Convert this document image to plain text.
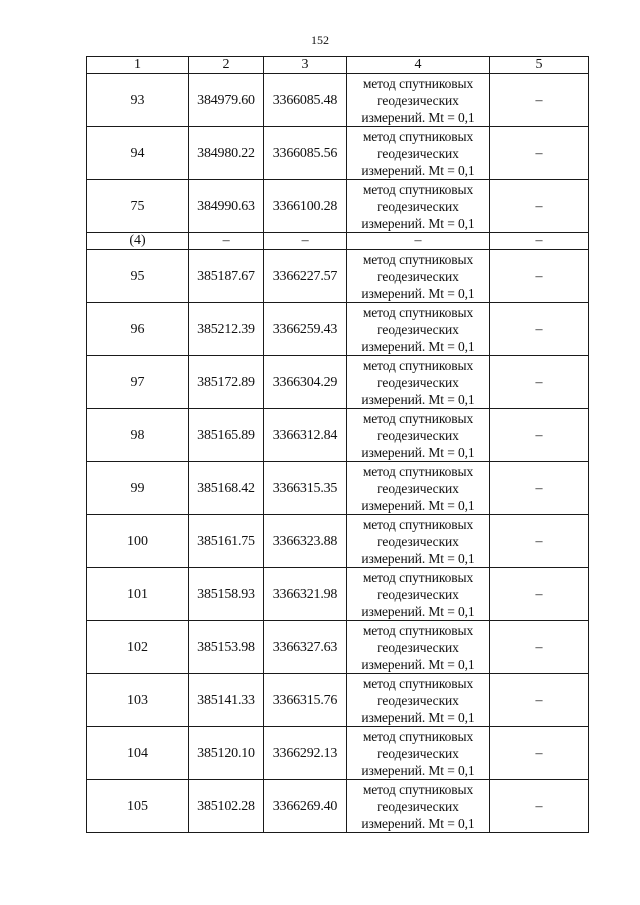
152
1	2	3	4	5
93	384979.60	3366085.48	метод спутниковых
геодезических
измерений. Mt = 0,1	–
94	384980.22	3366085.56	метод спутниковых
геодезических
измерений. Mt = 0,1	–
75	384990.63	3366100.28	метод спутниковых
геодезических
измерений. Mt = 0,1	–
(4)	–	–	–	–
95	385187.67	3366227.57	метод спутниковых
геодезических
измерений. Mt = 0,1	–
96	385212.39	3366259.43	метод спутниковых
геодезических
измерений. Mt = 0,1	–
97	385172.89	3366304.29	метод спутниковых
геодезических
измерений. Mt = 0,1	–
98	385165.89	3366312.84	метод спутниковых
геодезических
измерений. Mt = 0,1	–
99	385168.42	3366315.35	метод спутниковых
геодезических
измерений. Mt = 0,1	–
100	385161.75	3366323.88	метод спутниковых
геодезических
измерений. Mt = 0,1	–
101	385158.93	3366321.98	метод спутниковых
геодезических
измерений. Mt = 0,1	–
102	385153.98	3366327.63	метод спутниковых
геодезических
измерений. Mt = 0,1	–
103	385141.33	3366315.76	метод спутниковых
геодезических
измерений. Mt = 0,1	–
104	385120.10	3366292.13	метод спутниковых
геодезических
измерений. Mt = 0,1	–
105	385102.28	3366269.40	метод спутниковых
геодезических
измерений. Mt = 0,1	–
